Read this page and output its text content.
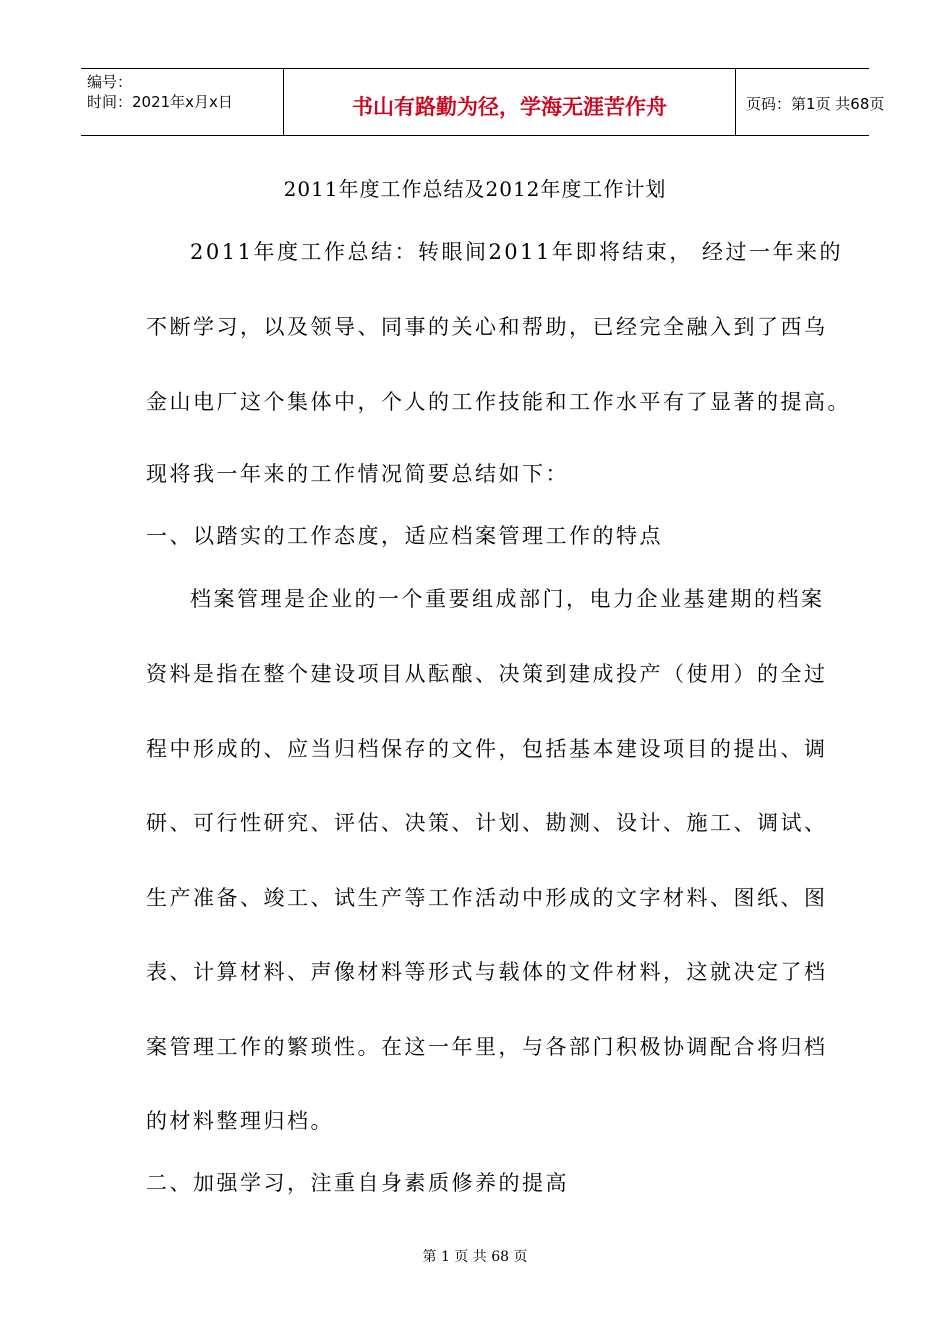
编号：
时间：2021年x月x日	书山有路勤为径，学海无涯苦作舟	页码：第1页 共68页
2011年度工作总结及2012年度工作计划
2011年度工作总结：转眼间2011年即将结束， 经过一年来的
不断学习，以及领导、同事的关心和帮助，已经完全融入到了西乌
金山电厂这个集体中，个人的工作技能和工作水平有了显著的提高。
现将我一年来的工作情况简要总结如下：
一、以踏实的工作态度，适应档案管理工作的特点
档案管理是企业的一个重要组成部门，电力企业基建期的档案
资料是指在整个建设项目从酝酿、决策到建成投产（使用）的全过
程中形成的、应当归档保存的文件，包括基本建设项目的提出、调
研、可行性研究、评估、决策、计划、勘测、设计、施工、调试、
生产准备、竣工、试生产等工作活动中形成的文字材料、图纸、图
表、计算材料、声像材料等形式与载体的文件材料，这就决定了档
案管理工作的繁琐性。在这一年里，与各部门积极协调配合将归档
的材料整理归档。
二、加强学习，注重自身素质修养的提高
第 1 页 共 68 页
